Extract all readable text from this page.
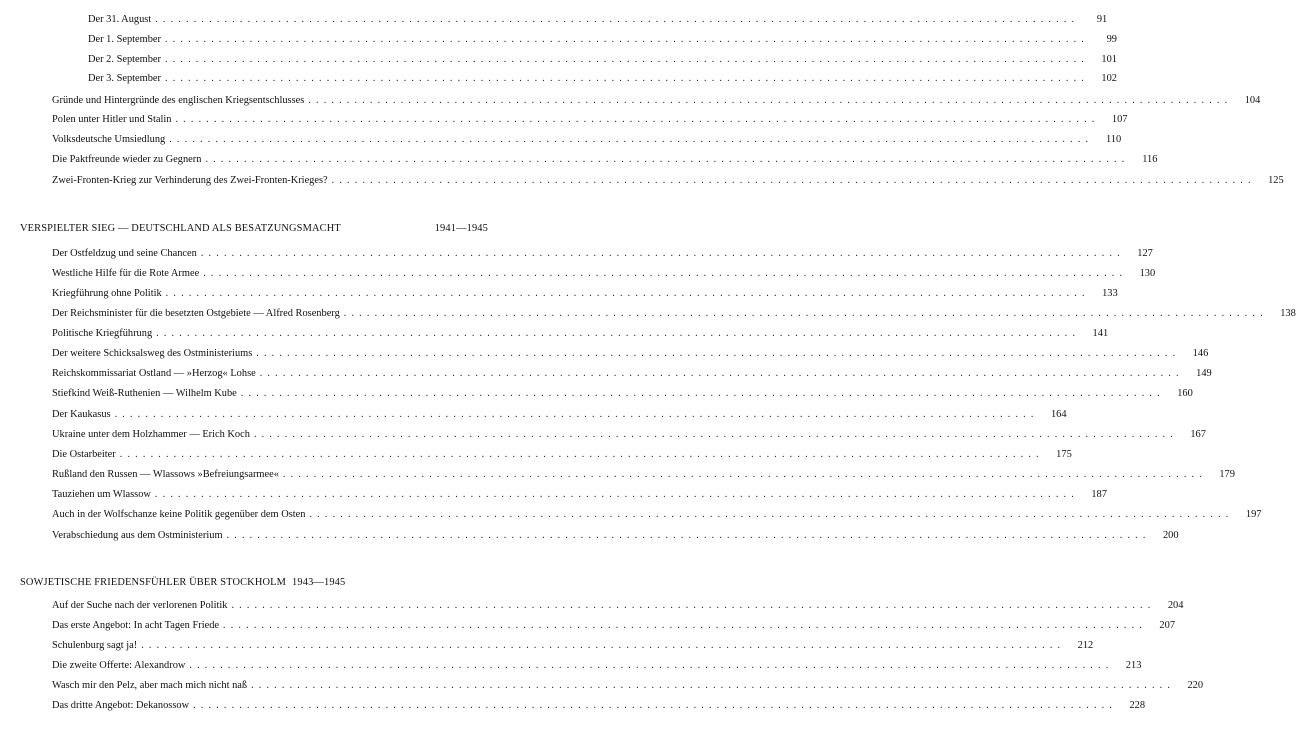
Der 31. August ........................................................................................................................	91
Der 1. September ........................................................................................................................	99
Der 2. September ........................................................................................................................	101
Der 3. September ........................................................................................................................	102
Gründe und Hintergründe des englischen Kriegsentschlusses ........................................................................................................................	104
Polen unter Hitler und Stalin ........................................................................................................................	107
Volksdeutsche Umsiedlung ........................................................................................................................	110
Die Paktfreunde wieder zu Gegnern ........................................................................................................................	116
Zwei-Fronten-Krieg zur Verhinderung des Zwei-Fronten-Krieges? ........................................................................................................................	125
VERSPIELTER SIEG — DEUTSCHLAND ALS BESATZUNGSMACHT	1941—1945
Der Ostfeldzug und seine Chancen ........................................................................................................................	127
Westliche Hilfe für die Rote Armee ........................................................................................................................	130
Kriegführung ohne Politik ........................................................................................................................	133
Der Reichsminister für die besetzten Ostgebiete — Alfred Rosenberg ........................................................................................................................	138
Politische Kriegführung ........................................................................................................................	141
Der weitere Schicksalsweg des Ostministeriums ........................................................................................................................	146
Reichskommissariat Ostland — »Herzog« Lohse ........................................................................................................................	149
Stiefkind Weiß-Ruthenien — Wilhelm Kube ........................................................................................................................	160
Der Kaukasus ........................................................................................................................	164
Ukraine unter dem Holzhammer — Erich Koch ........................................................................................................................	167
Die Ostarbeiter ........................................................................................................................	175
Rußland den Russen — Wlassows »Befreiungsarmee« ........................................................................................................................	179
Tauziehen um Wlassow ........................................................................................................................	187
Auch in der Wolfschanze keine Politik gegenüber dem Osten ........................................................................................................................	197
Verabschiedung aus dem Ostministerium ........................................................................................................................	200
SOWJETISCHE FRIEDENSFÜHLER ÜBER STOCKHOLM 1943—1945
Auf der Suche nach der verlorenen Politik ........................................................................................................................	204
Das erste Angebot: In acht Tagen Friede ........................................................................................................................	207
Schulenburg sagt ja! ........................................................................................................................	212
Die zweite Offerte: Alexandrow ........................................................................................................................	213
Wasch mir den Pelz, aber mach mich nicht naß ........................................................................................................................	220
Das dritte Angebot: Dekanossow ........................................................................................................................	228
